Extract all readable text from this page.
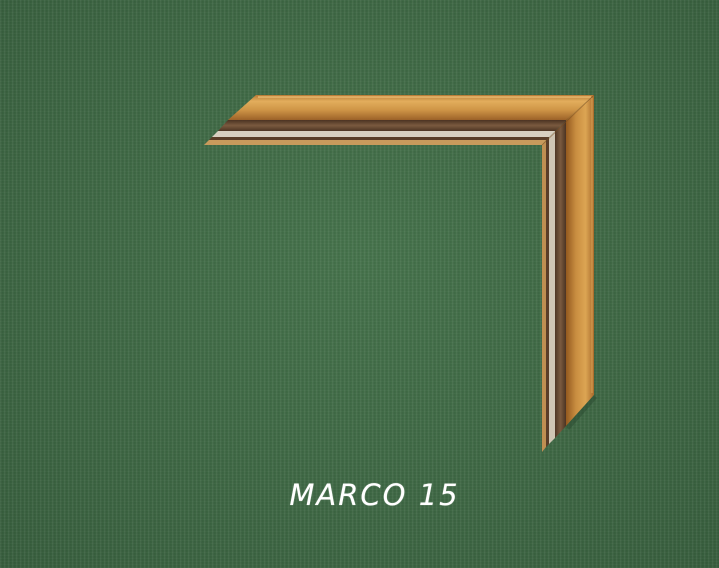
MARCO 15
